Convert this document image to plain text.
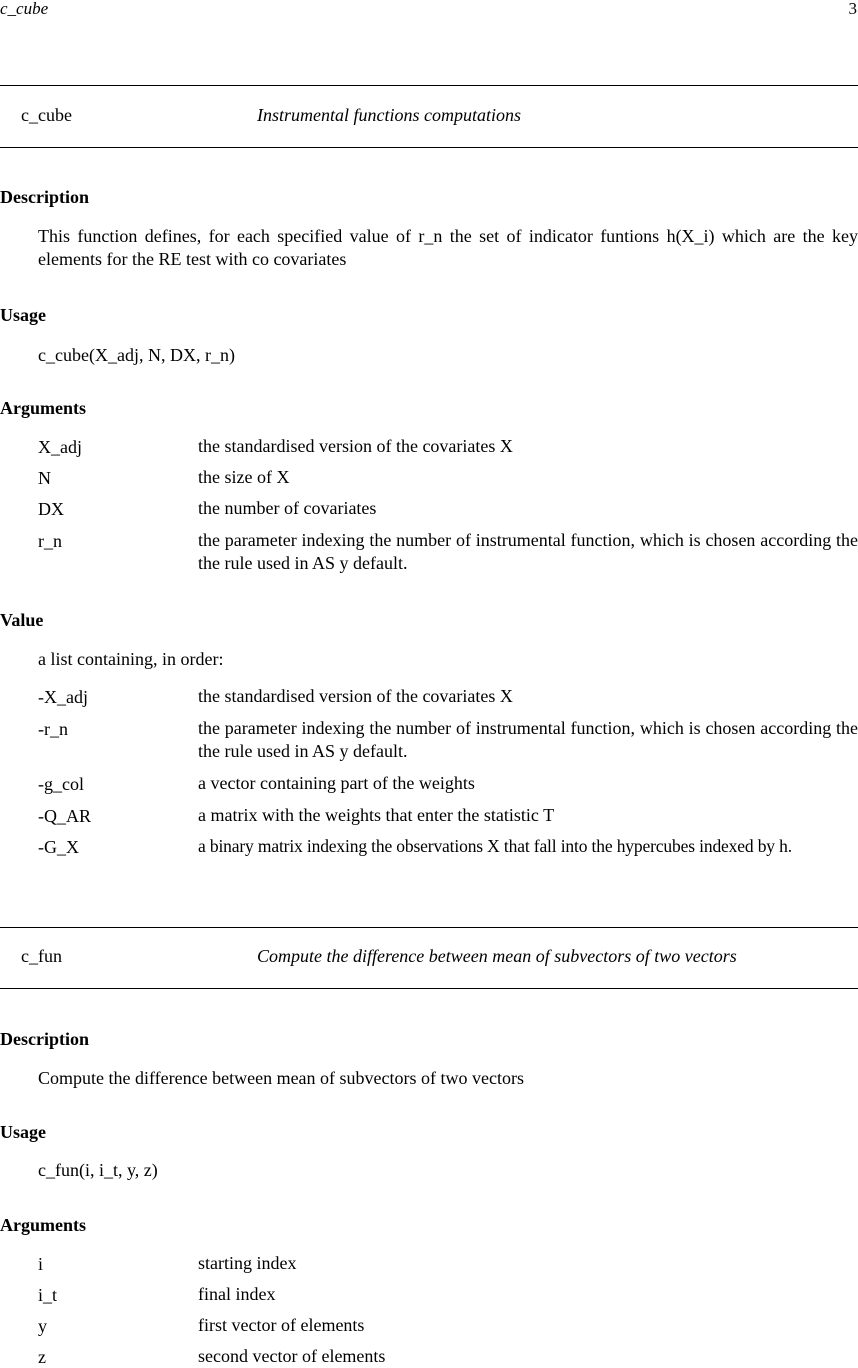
c_cube	3
c_cube	Instrumental functions computations
Description
This function defines, for each specified value of r_n the set of indicator funtions h(X_i) which are the key elements for the RE test with co covariates
Usage
c_cube(X_adj, N, DX, r_n)
Arguments
X_adj	the standardised version of the covariates X
N	the size of X
DX	the number of covariates
r_n	the parameter indexing the number of instrumental function, which is chosen according the the rule used in AS y default.
Value
a list containing, in order:
-X_adj	the standardised version of the covariates X
-r_n	the parameter indexing the number of instrumental function, which is chosen according the the rule used in AS y default.
-g_col	a vector containing part of the weights
-Q_AR	a matrix with the weights that enter the statistic T
-G_X	a binary matrix indexing the observations X that fall into the hypercubes indexed by h.
c_fun	Compute the difference between mean of subvectors of two vectors
Description
Compute the difference between mean of subvectors of two vectors
Usage
c_fun(i, i_t, y, z)
Arguments
i	starting index
i_t	final index
y	first vector of elements
z	second vector of elements
